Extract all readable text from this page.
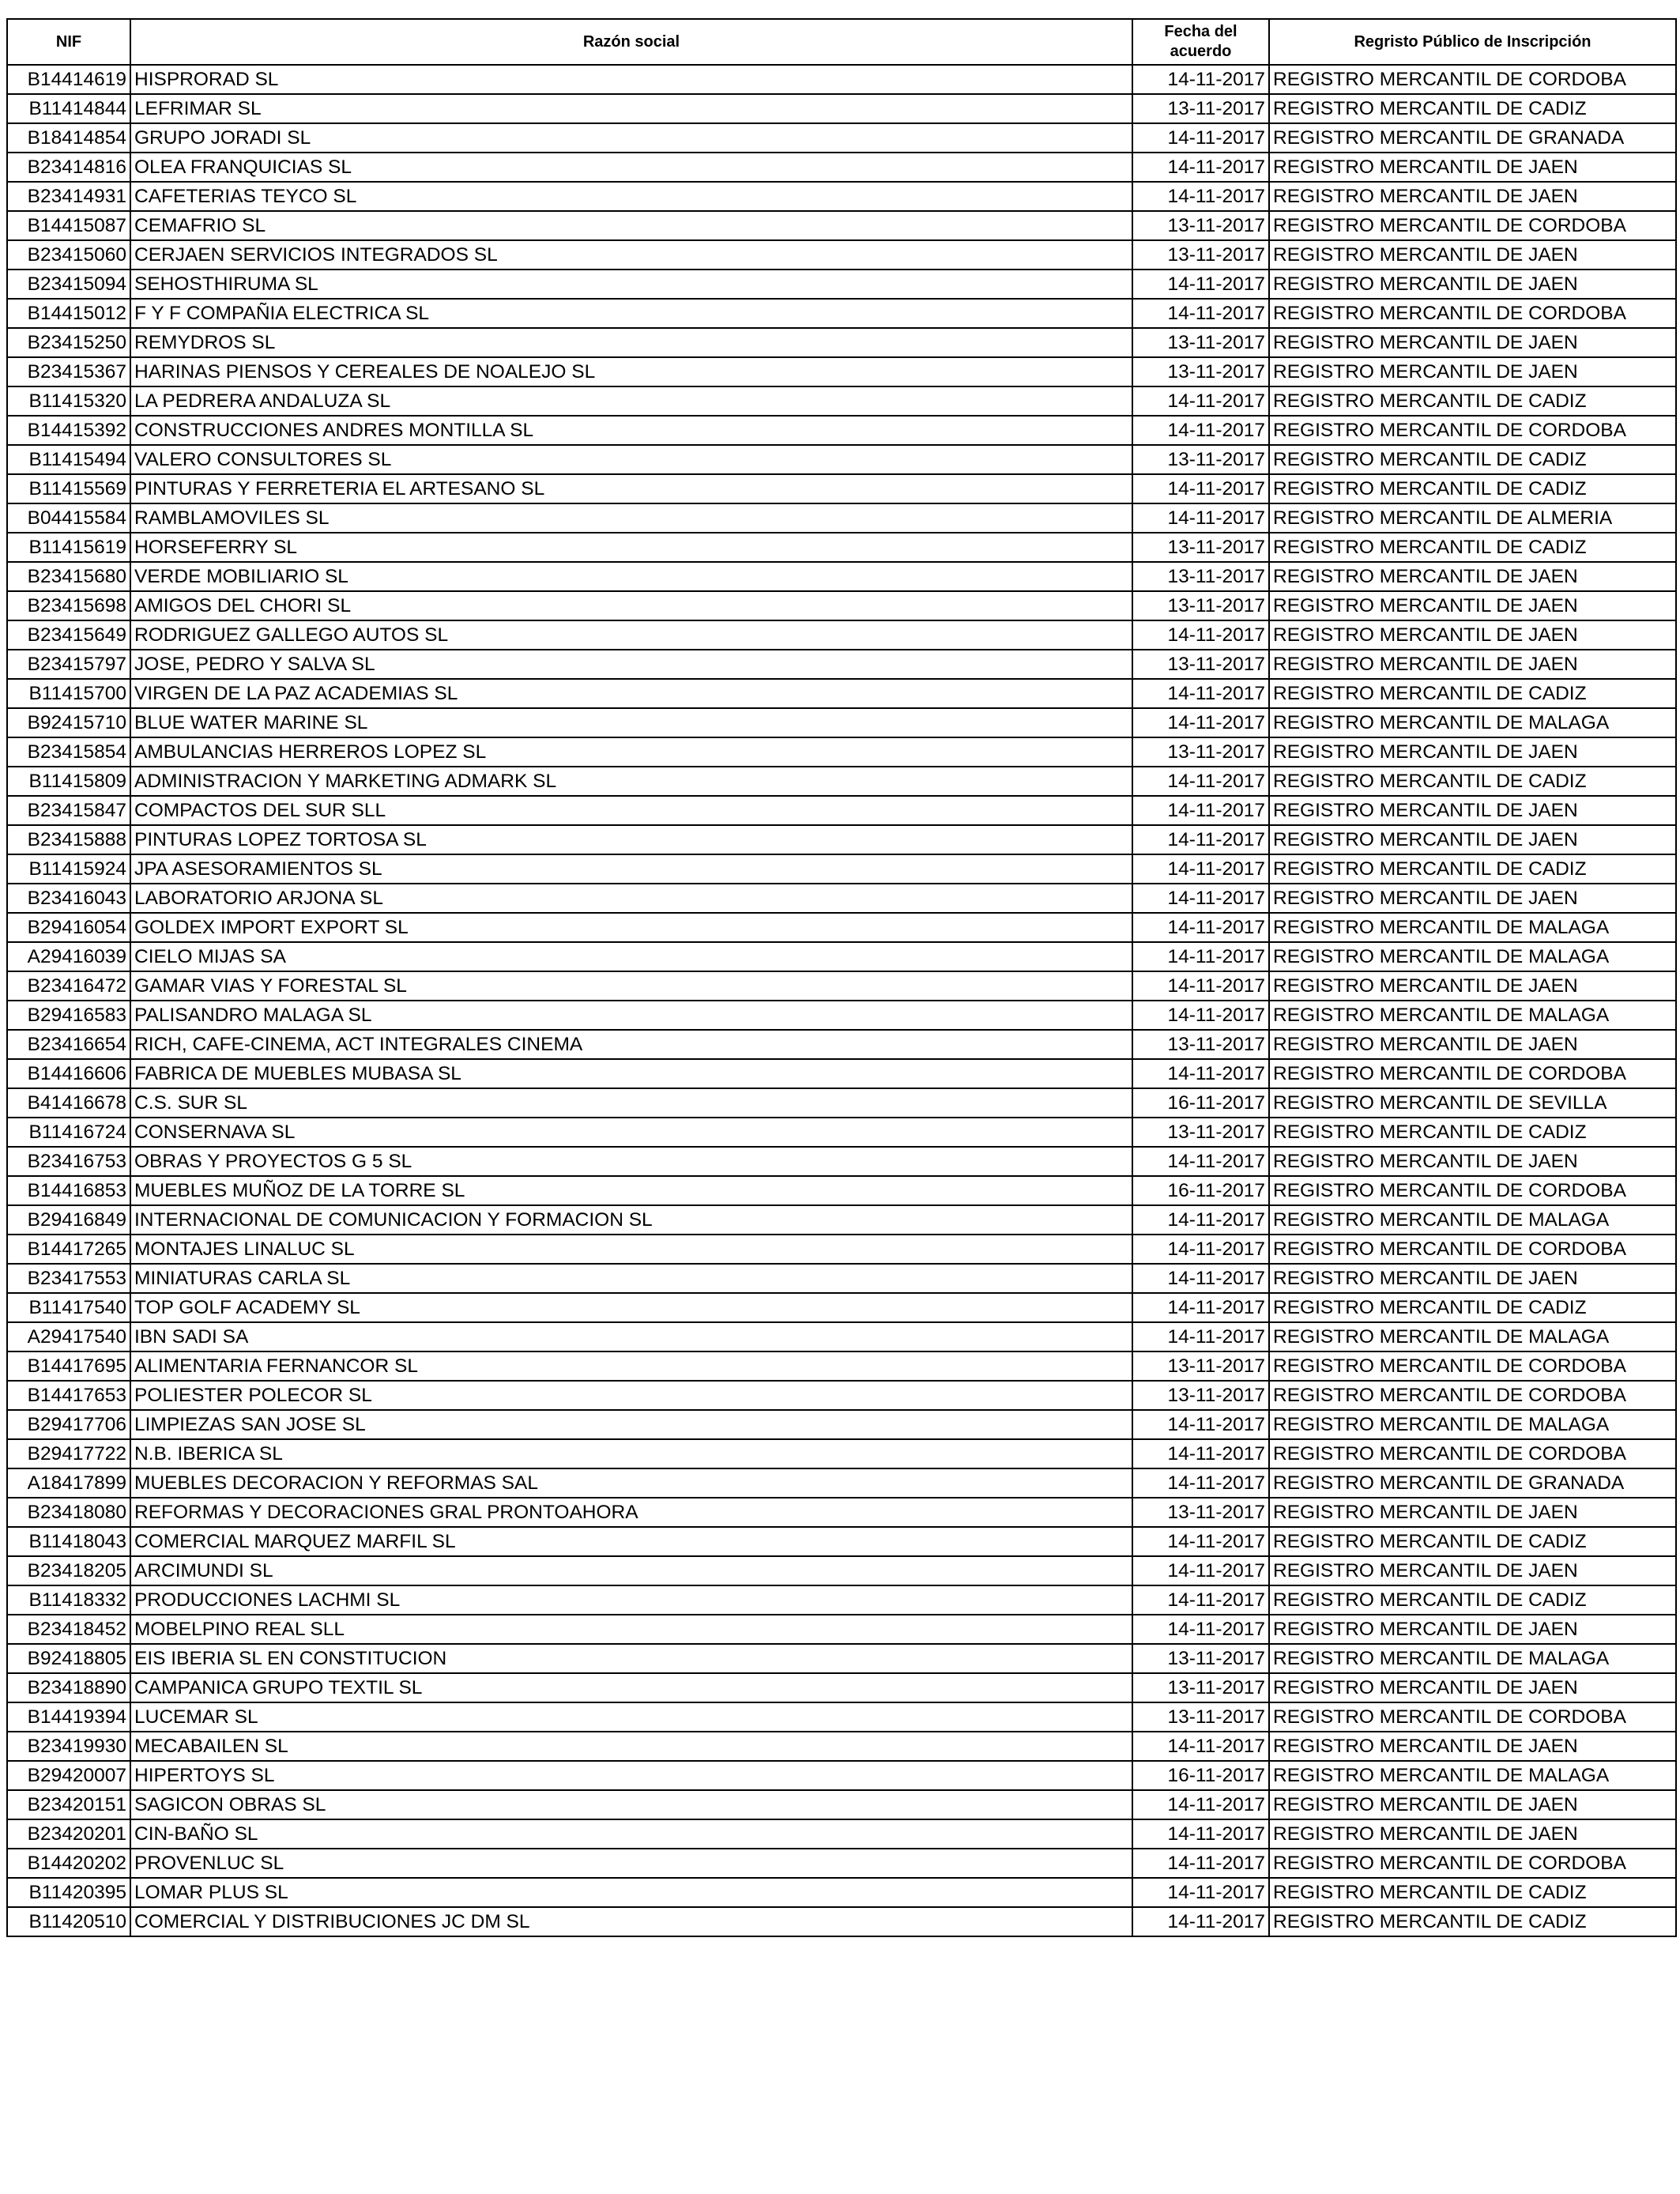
NIF	Razón social	Fecha del acuerdo	Regristo Público de Inscripción
B14414619	HISPRORAD SL	14-11-2017	REGISTRO MERCANTIL DE CORDOBA
B11414844	LEFRIMAR SL	13-11-2017	REGISTRO MERCANTIL DE CADIZ
B18414854	GRUPO JORADI SL	14-11-2017	REGISTRO MERCANTIL DE GRANADA
B23414816	OLEA FRANQUICIAS SL	14-11-2017	REGISTRO MERCANTIL DE JAEN
B23414931	CAFETERIAS TEYCO SL	14-11-2017	REGISTRO MERCANTIL DE JAEN
B14415087	CEMAFRIO SL	13-11-2017	REGISTRO MERCANTIL DE CORDOBA
B23415060	CERJAEN SERVICIOS INTEGRADOS SL	13-11-2017	REGISTRO MERCANTIL DE JAEN
B23415094	SEHOSTHIRUMA SL	14-11-2017	REGISTRO MERCANTIL DE JAEN
B14415012	F Y F COMPAÑIA ELECTRICA SL	14-11-2017	REGISTRO MERCANTIL DE CORDOBA
B23415250	REMYDROS SL	13-11-2017	REGISTRO MERCANTIL DE JAEN
B23415367	HARINAS PIENSOS Y CEREALES DE NOALEJO SL	13-11-2017	REGISTRO MERCANTIL DE JAEN
B11415320	LA PEDRERA ANDALUZA SL	14-11-2017	REGISTRO MERCANTIL DE CADIZ
B14415392	CONSTRUCCIONES ANDRES MONTILLA SL	14-11-2017	REGISTRO MERCANTIL DE CORDOBA
B11415494	VALERO CONSULTORES SL	13-11-2017	REGISTRO MERCANTIL DE CADIZ
B11415569	PINTURAS Y FERRETERIA EL ARTESANO SL	14-11-2017	REGISTRO MERCANTIL DE CADIZ
B04415584	RAMBLAMOVILES SL	14-11-2017	REGISTRO MERCANTIL DE ALMERIA
B11415619	HORSEFERRY SL	13-11-2017	REGISTRO MERCANTIL DE CADIZ
B23415680	VERDE MOBILIARIO SL	13-11-2017	REGISTRO MERCANTIL DE JAEN
B23415698	AMIGOS DEL CHORI SL	13-11-2017	REGISTRO MERCANTIL DE JAEN
B23415649	RODRIGUEZ GALLEGO AUTOS SL	14-11-2017	REGISTRO MERCANTIL DE JAEN
B23415797	JOSE, PEDRO Y SALVA SL	13-11-2017	REGISTRO MERCANTIL DE JAEN
B11415700	VIRGEN DE LA PAZ ACADEMIAS SL	14-11-2017	REGISTRO MERCANTIL DE CADIZ
B92415710	BLUE WATER MARINE SL	14-11-2017	REGISTRO MERCANTIL DE MALAGA
B23415854	AMBULANCIAS HERREROS LOPEZ SL	13-11-2017	REGISTRO MERCANTIL DE JAEN
B11415809	ADMINISTRACION Y MARKETING ADMARK SL	14-11-2017	REGISTRO MERCANTIL DE CADIZ
B23415847	COMPACTOS DEL SUR SLL	14-11-2017	REGISTRO MERCANTIL DE JAEN
B23415888	PINTURAS LOPEZ TORTOSA SL	14-11-2017	REGISTRO MERCANTIL DE JAEN
B11415924	JPA ASESORAMIENTOS SL	14-11-2017	REGISTRO MERCANTIL DE CADIZ
B23416043	LABORATORIO ARJONA SL	14-11-2017	REGISTRO MERCANTIL DE JAEN
B29416054	GOLDEX IMPORT EXPORT SL	14-11-2017	REGISTRO MERCANTIL DE MALAGA
A29416039	CIELO MIJAS SA	14-11-2017	REGISTRO MERCANTIL DE MALAGA
B23416472	GAMAR VIAS Y FORESTAL SL	14-11-2017	REGISTRO MERCANTIL DE JAEN
B29416583	PALISANDRO MALAGA SL	14-11-2017	REGISTRO MERCANTIL DE MALAGA
B23416654	RICH, CAFE-CINEMA, ACT INTEGRALES CINEMA	13-11-2017	REGISTRO MERCANTIL DE JAEN
B14416606	FABRICA DE MUEBLES MUBASA SL	14-11-2017	REGISTRO MERCANTIL DE CORDOBA
B41416678	C.S. SUR SL	16-11-2017	REGISTRO MERCANTIL DE SEVILLA
B11416724	CONSERNAVA SL	13-11-2017	REGISTRO MERCANTIL DE CADIZ
B23416753	OBRAS Y PROYECTOS G 5 SL	14-11-2017	REGISTRO MERCANTIL DE JAEN
B14416853	MUEBLES MUÑOZ DE LA TORRE SL	16-11-2017	REGISTRO MERCANTIL DE CORDOBA
B29416849	INTERNACIONAL DE COMUNICACION Y FORMACION SL	14-11-2017	REGISTRO MERCANTIL DE MALAGA
B14417265	MONTAJES LINALUC SL	14-11-2017	REGISTRO MERCANTIL DE CORDOBA
B23417553	MINIATURAS CARLA SL	14-11-2017	REGISTRO MERCANTIL DE JAEN
B11417540	TOP GOLF ACADEMY SL	14-11-2017	REGISTRO MERCANTIL DE CADIZ
A29417540	IBN SADI SA	14-11-2017	REGISTRO MERCANTIL DE MALAGA
B14417695	ALIMENTARIA FERNANCOR SL	13-11-2017	REGISTRO MERCANTIL DE CORDOBA
B14417653	POLIESTER POLECOR SL	13-11-2017	REGISTRO MERCANTIL DE CORDOBA
B29417706	LIMPIEZAS SAN JOSE SL	14-11-2017	REGISTRO MERCANTIL DE MALAGA
B29417722	N.B. IBERICA SL	14-11-2017	REGISTRO MERCANTIL DE CORDOBA
A18417899	MUEBLES DECORACION Y REFORMAS SAL	14-11-2017	REGISTRO MERCANTIL DE GRANADA
B23418080	REFORMAS Y DECORACIONES GRAL PRONTOAHORA	13-11-2017	REGISTRO MERCANTIL DE JAEN
B11418043	COMERCIAL MARQUEZ MARFIL SL	14-11-2017	REGISTRO MERCANTIL DE CADIZ
B23418205	ARCIMUNDI SL	14-11-2017	REGISTRO MERCANTIL DE JAEN
B11418332	PRODUCCIONES LACHMI SL	14-11-2017	REGISTRO MERCANTIL DE CADIZ
B23418452	MOBELPINO REAL SLL	14-11-2017	REGISTRO MERCANTIL DE JAEN
B92418805	EIS IBERIA SL EN CONSTITUCION	13-11-2017	REGISTRO MERCANTIL DE MALAGA
B23418890	CAMPANICA GRUPO TEXTIL SL	13-11-2017	REGISTRO MERCANTIL DE JAEN
B14419394	LUCEMAR SL	13-11-2017	REGISTRO MERCANTIL DE CORDOBA
B23419930	MECABAILEN SL	14-11-2017	REGISTRO MERCANTIL DE JAEN
B29420007	HIPERTOYS SL	16-11-2017	REGISTRO MERCANTIL DE MALAGA
B23420151	SAGICON OBRAS SL	14-11-2017	REGISTRO MERCANTIL DE JAEN
B23420201	CIN-BAÑO SL	14-11-2017	REGISTRO MERCANTIL DE JAEN
B14420202	PROVENLUC SL	14-11-2017	REGISTRO MERCANTIL DE CORDOBA
B11420395	LOMAR PLUS SL	14-11-2017	REGISTRO MERCANTIL DE CADIZ
B11420510	COMERCIAL Y DISTRIBUCIONES JC DM SL	14-11-2017	REGISTRO MERCANTIL DE CADIZ
